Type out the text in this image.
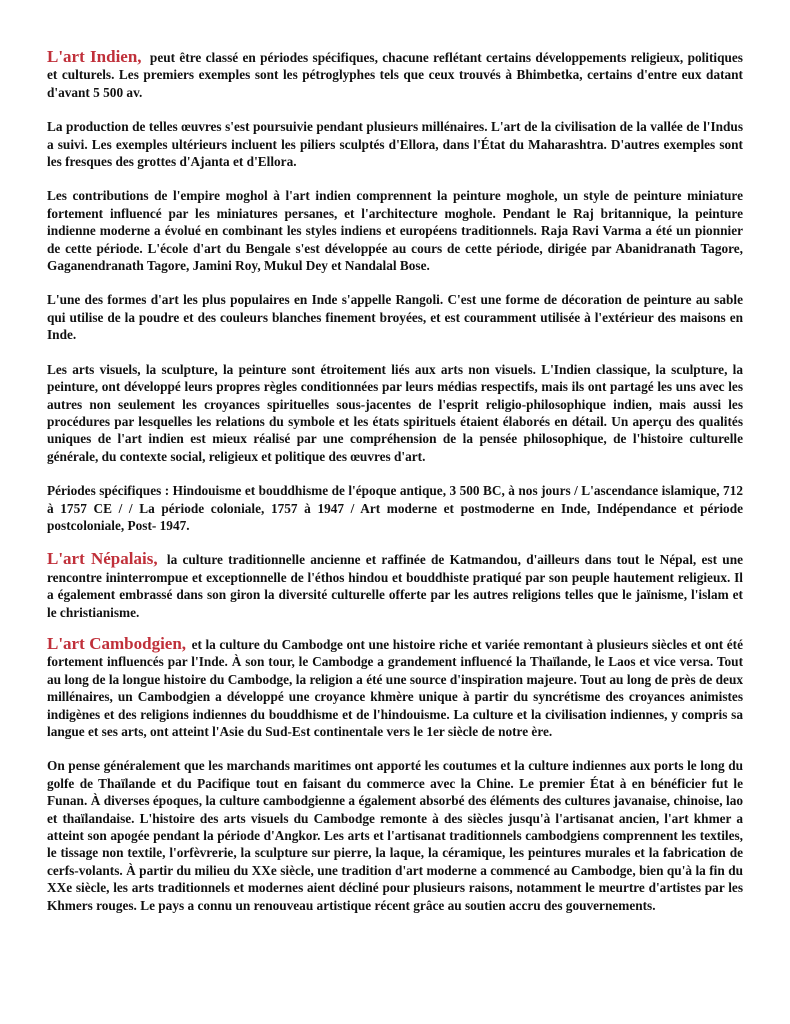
L'art Indien, peut être classé en périodes spécifiques, chacune reflétant certains développements religieux, politiques et culturels. Les premiers exemples sont les pétroglyphes tels que ceux trouvés à Bhimbetka, certains d'entre eux datant d'avant 5 500 av.

La production de telles œuvres s'est poursuivie pendant plusieurs millénaires. L'art de la civilisation de la vallée de l'Indus a suivi. Les exemples ultérieurs incluent les piliers sculptés d'Ellora, dans l'État du Maharashtra. D'autres exemples sont les fresques des grottes d'Ajanta et d'Ellora.

Les contributions de l'empire moghol à l'art indien comprennent la peinture moghole, un style de peinture miniature fortement influencé par les miniatures persanes, et l'architecture moghole. Pendant le Raj britannique, la peinture indienne moderne a évolué en combinant les styles indiens et européens traditionnels. Raja Ravi Varma a été un pionnier de cette période. L'école d'art du Bengale s'est développée au cours de cette période, dirigée par Abanidranath Tagore, Gaganendranath Tagore, Jamini Roy, Mukul Dey et Nandalal Bose.

L'une des formes d'art les plus populaires en Inde s'appelle Rangoli. C'est une forme de décoration de peinture au sable qui utilise de la poudre et des couleurs blanches finement broyées, et est couramment utilisée à l'extérieur des maisons en Inde.

Les arts visuels, la sculpture, la peinture sont étroitement liés aux arts non visuels. L'Indien classique, la sculpture, la peinture, ont développé leurs propres règles conditionnées par leurs médias respectifs, mais ils ont partagé les uns avec les autres non seulement les croyances spirituelles sous-jacentes de l'esprit religio-philosophique indien, mais aussi les procédures par lesquelles les relations du symbole et les états spirituels étaient élaborés en détail. Un aperçu des qualités uniques de l'art indien est mieux réalisé par une compréhension de la pensée philosophique, de l'histoire culturelle générale, du contexte social, religieux et politique des œuvres d'art.

Périodes spécifiques : Hindouisme et bouddhisme de l'époque antique, 3 500 BC, à nos jours / L'ascendance islamique, 712 à 1757 CE / / La période coloniale, 1757 à 1947 / Art moderne et postmoderne en Inde, Indépendance et période postcoloniale, Post- 1947.

L'art Népalais, la culture traditionnelle ancienne et raffinée de Katmandou, d'ailleurs dans tout le Népal, est une rencontre ininterrompue et exceptionnelle de l'éthos hindou et bouddhiste pratiqué par son peuple hautement religieux. Il a également embrassé dans son giron la diversité culturelle offerte par les autres religions telles que le jaïnisme, l'islam et le christianisme.

L'art Cambodgien, et la culture du Cambodge ont une histoire riche et variée remontant à plusieurs siècles et ont été fortement influencés par l'Inde. À son tour, le Cambodge a grandement influencé la Thaïlande, le Laos et vice versa. Tout au long de la longue histoire du Cambodge, la religion a été une source d'inspiration majeure. Tout au long de près de deux millénaires, un Cambodgien a développé une croyance khmère unique à partir du syncrétisme des croyances animistes indigènes et des religions indiennes du bouddhisme et de l'hindouisme. La culture et la civilisation indiennes, y compris sa langue et ses arts, ont atteint l'Asie du Sud-Est continentale vers le 1er siècle de notre ère.

On pense généralement que les marchands maritimes ont apporté les coutumes et la culture indiennes aux ports le long du golfe de Thaïlande et du Pacifique tout en faisant du commerce avec la Chine. Le premier État à en bénéficier fut le Funan. À diverses époques, la culture cambodgienne a également absorbé des éléments des cultures javanaise, chinoise, lao et thaïlandaise. L'histoire des arts visuels du Cambodge remonte à des siècles jusqu'à l'artisanat ancien, l'art khmer a atteint son apogée pendant la période d'Angkor. Les arts et l'artisanat traditionnels cambodgiens comprennent les textiles, le tissage non textile, l'orfèvrerie, la sculpture sur pierre, la laque, la céramique, les peintures murales et la fabrication de cerfs-volants. À partir du milieu du XXe siècle, une tradition d'art moderne a commencé au Cambodge, bien qu'à la fin du XXe siècle, les arts traditionnels et modernes aient décliné pour plusieurs raisons, notamment le meurtre d'artistes par les Khmers rouges. Le pays a connu un renouveau artistique récent grâce au soutien accru des gouvernements.
